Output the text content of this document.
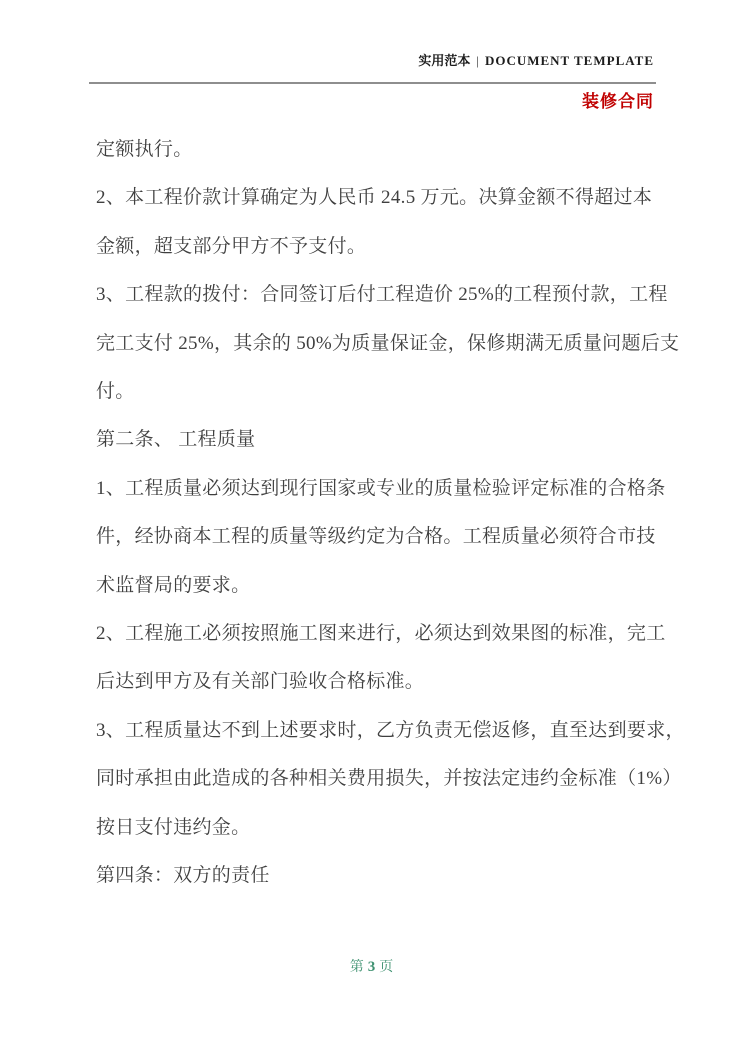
实用范本 | DOCUMENT TEMPLATE
装修合同
定额执行。
2、本工程价款计算确定为人民币 24.5 万元。决算金额不得超过本
金额，超支部分甲方不予支付。
3、工程款的拨付：合同签订后付工程造价 25%的工程预付款，工程
完工支付 25%，其余的 50%为质量保证金，保修期满无质量问题后支
付。
第二条、 工程质量
1、工程质量必须达到现行国家或专业的质量检验评定标准的合格条
件，经协商本工程的质量等级约定为合格。工程质量必须符合市技
术监督局的要求。
2、工程施工必须按照施工图来进行，必须达到效果图的标准，完工
后达到甲方及有关部门验收合格标准。
3、工程质量达不到上述要求时，乙方负责无偿返修，直至达到要求，
同时承担由此造成的各种相关费用损失，并按法定违约金标准（1%）
按日支付违约金。
第四条：双方的责任
第 3 页
